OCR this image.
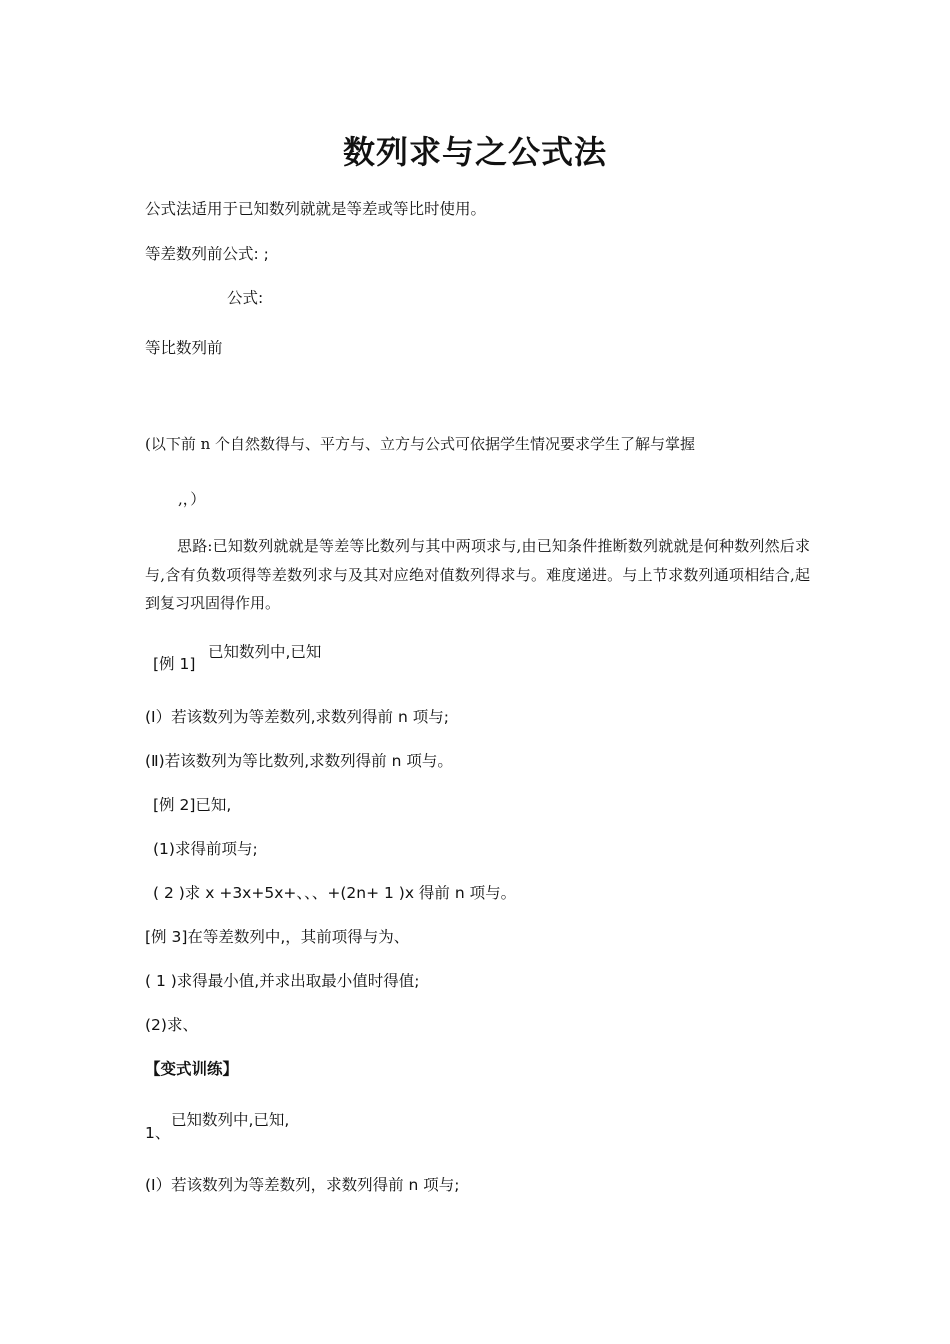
数列求与之公式法
公式法适用于已知数列就就是等差或等比时使用。
等差数列前公式: ;
公式:
等比数列前
(以下前 n 个自然数得与、平方与、立方与公式可依据学生情况要求学生了解与掌握
,，）
思路:已知数列就就是等差等比数列与其中两项求与,由已知条件推断数列就就是何种数列然后求与,含有负数项得等差数列求与及其对应绝对值数列得求与。难度递进。与上节求数列通项相结合,起到复习巩固得作用。
[例 1]
已知数列中,已知
(Ⅰ）若该数列为等差数列,求数列得前 n 项与;
(Ⅱ)若该数列为等比数列,求数列得前 n 项与。
[例 2]已知,
(1)求得前项与;
( 2 )求 x +3x+5x+、、、+(2n+ 1 )x 得前 n 项与。
[例 3]在等差数列中,，其前项得与为、
( 1 )求得最小值,并求出取最小值时得值;
(2)求、
【变式训练】
1、
已知数列中,已知,
(Ⅰ）若该数列为等差数列，求数列得前 n 项与;
